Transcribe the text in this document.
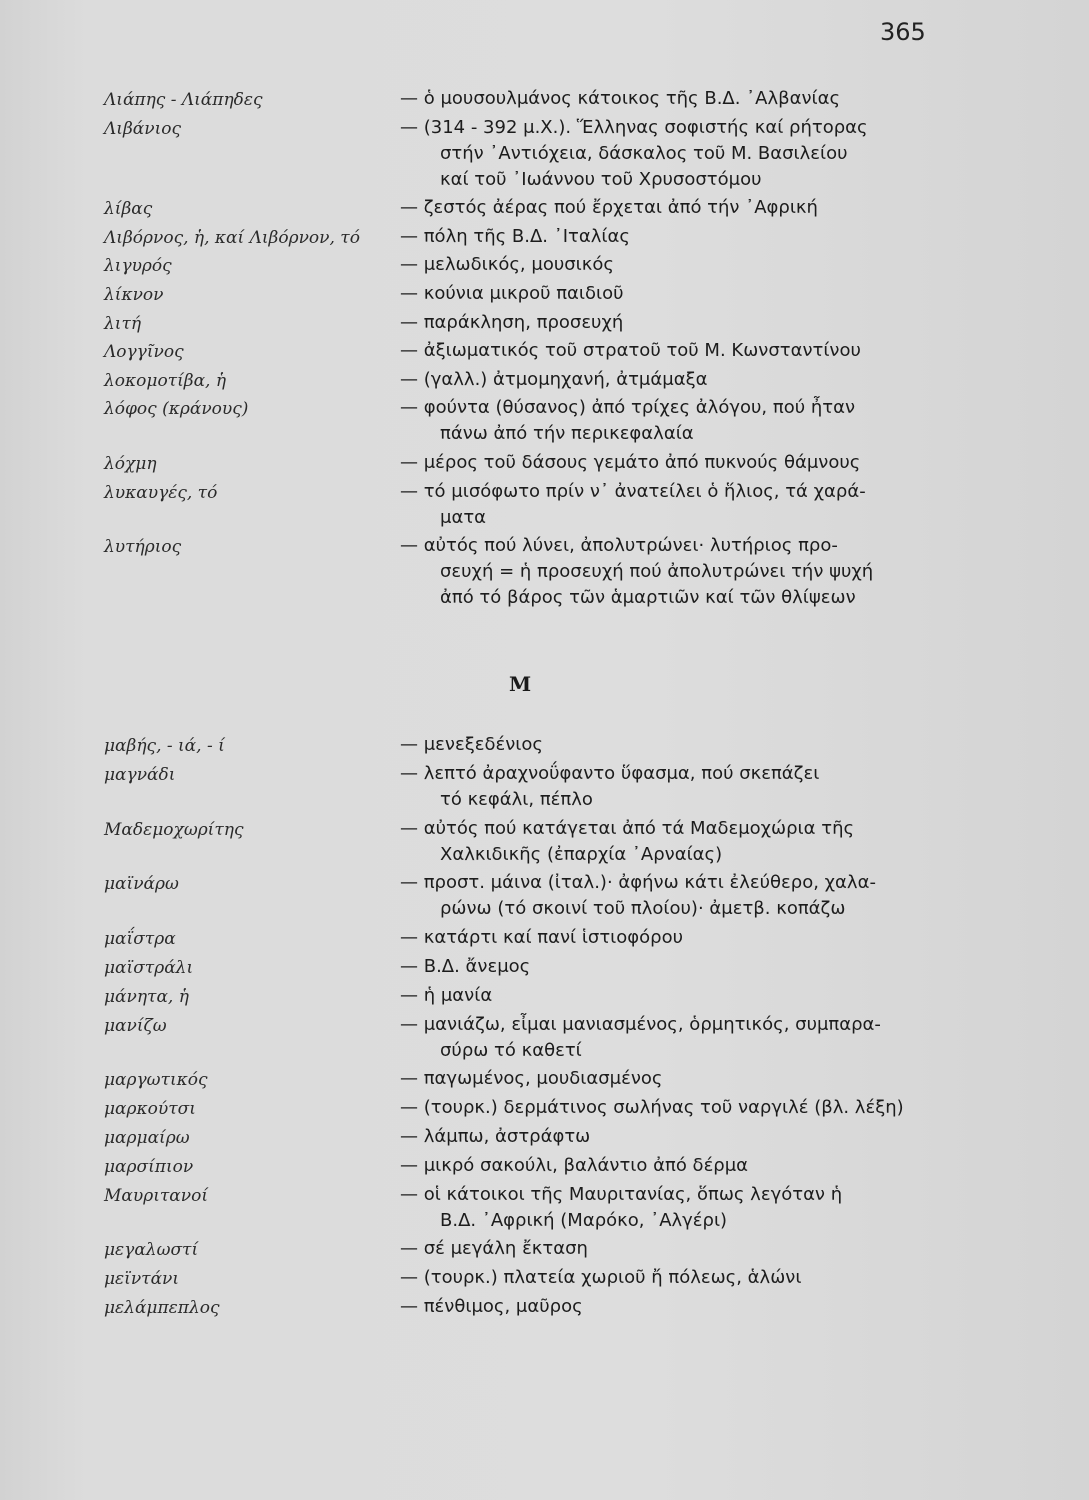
365
Λιάπης - Λιάπηδες	— ὁ μουσουλμάνος κάτοικος τῆς Β.Δ. ᾿Αλβανίας
Λιβάνιος	— (314 - 392 μ.Χ.). Ἕλληνας σοφιστής καί ρήτορας
στήν ᾿Αντιόχεια, δάσκαλος τοῦ Μ. Βασιλείου
καί τοῦ ᾿Ιωάννου τοῦ Χρυσοστόμου
λίβας	— ζεστός ἀέρας πού ἔρχεται ἀπό τήν ᾿Αφρική
Λιβόρνος, ἡ, καί Λιβόρνον, τό — πόλη τῆς Β.Δ. ᾿Ιταλίας
λιγυρός	— μελωδικός, μουσικός
λίκνον	— κούνια μικροῦ παιδιοῦ
λιτή	— παράκληση, προσευχή
Λογγῖνος	— ἀξιωματικός τοῦ στρατοῦ τοῦ Μ. Κωνσταντίνου
λοκομοτίβα, ἡ	— (γαλλ.) ἀτμομηχανή, ἀτμάμαξα
λόφος (κράνους)	— φούντα (θύσανος) ἀπό τρίχες ἀλόγου, πού ἦταν
πάνω ἀπό τήν περικεφαλαία
λόχμη	— μέρος τοῦ δάσους γεμάτο ἀπό πυκνούς θάμνους
λυκαυγές, τό	— τό μισόφωτο πρίν ν᾿ ἀνατείλει ὁ ἥλιος, τά χαρά-
ματα
λυτήριος	— αὐτός πού λύνει, ἀπολυτρώνει· λυτήριος προ-
σευχή = ἡ προσευχή πού ἀπολυτρώνει τήν ψυχή
ἀπό τό βάρος τῶν ἁμαρτιῶν καί τῶν θλίψεων
Μ
μαβής, - ιά, - ί	— μενεξεδένιος
μαγνάδι	— λεπτό ἀραχνοΰφαντο ὕφασμα, πού σκεπάζει
τό κεφάλι, πέπλο
Μαδεμοχωρίτης	— αὐτός πού κατάγεται ἀπό τά Μαδεμοχώρια τῆς
Χαλκιδικῆς (ἐπαρχία ᾿Αρναίας)
μαϊνάρω	— προστ. μάινα (ἰταλ.)· ἀφήνω κάτι ἐλεύθερο, χαλα-
ρώνω (τό σκοινί τοῦ πλοίου)· ἀμετβ. κοπάζω
μαΐστρα	— κατάρτι καί πανί ἱστιοφόρου
μαϊστράλι	— Β.Δ. ἄνεμος
μάνητα, ἡ	— ἡ μανία
μανίζω	— μανιάζω, εἶμαι μανιασμένος, ὁρμητικός, συμπαρα-
σύρω τό καθετί
μαργωτικός	— παγωμένος, μουδιασμένος
μαρκούτσι	— (τουρκ.) δερμάτινος σωλήνας τοῦ ναργιλέ (βλ. λέξη)
μαρμαίρω	— λάμπω, ἀστράφτω
μαρσίπιον	— μικρό σακούλι, βαλάντιο ἀπό δέρμα
Μαυριτανοί	— οἱ κάτοικοι τῆς Μαυριτανίας, ὅπως λεγόταν ἡ
Β.Δ. ᾿Αφρική (Μαρόκο, ᾿Αλγέρι)
μεγαλωστί	— σέ μεγάλη ἔκταση
μεϊντάνι	— (τουρκ.) πλατεία χωριοῦ ἤ πόλεως, ἁλώνι
μελάμπεπλος	— πένθιμος, μαῦρος
